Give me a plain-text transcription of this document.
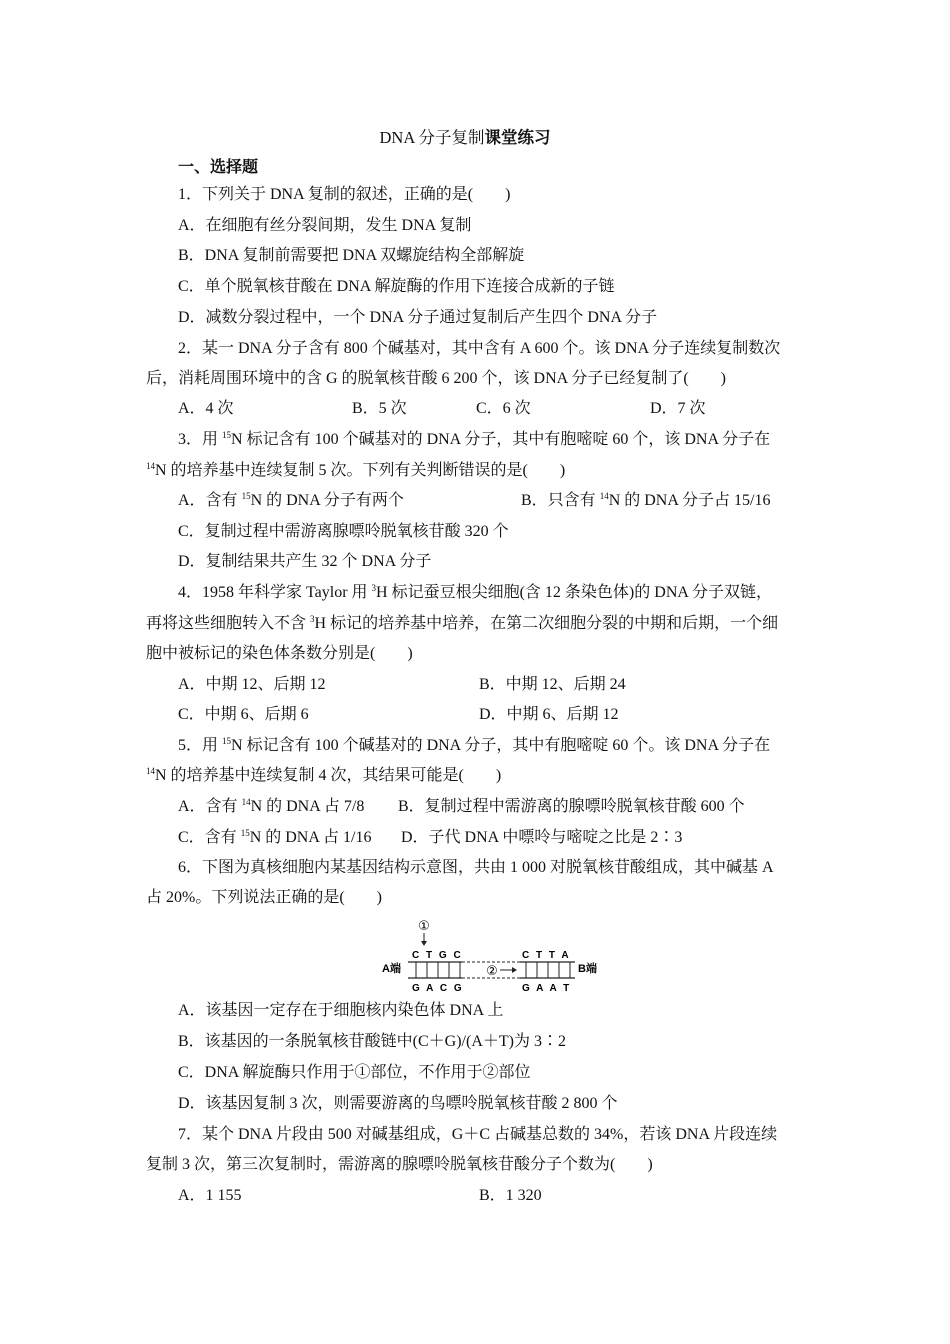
DNA 分子复制课堂练习
一、选择题
1．下列关于 DNA 复制的叙述，正确的是(　　)
A．在细胞有丝分裂间期，发生 DNA 复制
B．DNA 复制前需要把 DNA 双螺旋结构全部解旋
C．单个脱氧核苷酸在 DNA 解旋酶的作用下连接合成新的子链
D．减数分裂过程中，一个 DNA 分子通过复制后产生四个 DNA 分子
2．某一 DNA 分子含有 800 个碱基对，其中含有 A 600 个。该 DNA 分子连续复制数次
后，消耗周围环境中的含 G 的脱氧核苷酸 6 200 个，该 DNA 分子已经复制了(　　)
A．4 次	B．5 次	C．6 次	D．7 次
3．用 $^{15}$N 标记含有 100 个碱基对的 DNA 分子，其中有胞嘧啶 60 个，该 DNA 分子在
$^{14}$N 的培养基中连续复制 5 次。下列有关判断错误的是(　　)
A．含有 $^{15}$N 的 DNA 分子有两个	B．只含有 $^{14}$N 的 DNA 分子占 15/16
C．复制过程中需游离腺嘌呤脱氧核苷酸 320 个
D．复制结果共产生 32 个 DNA 分子
4．1958 年科学家 Taylor 用 $^3$H 标记蚕豆根尖细胞(含 12 条染色体)的 DNA 分子双链，
再将这些细胞转入不含 $^3$H 标记的培养基中培养，在第二次细胞分裂的中期和后期，一个细
胞中被标记的染色体条数分别是(　　)
A．中期 12、后期 12	B．中期 12、后期 24
C．中期 6、后期 6	D．中期 6、后期 12
5．用 $^{15}$N 标记含有 100 个碱基对的 DNA 分子，其中有胞嘧啶 60 个。该 DNA 分子在
$^{14}$N 的培养基中连续复制 4 次，其结果可能是(　　)
A．含有 $^{14}$N 的 DNA 占 7/8 B．复制过程中需游离的腺嘌呤脱氧核苷酸 600 个
C．含有 $^{15}$N 的 DNA 占 1/16 D．子代 DNA 中嘌呤与嘧啶之比是 2∶3
6．下图为真核细胞内某基因结构示意图，共由 1 000 对脱氧核苷酸组成，其中碱基 A
占 20%。下列说法正确的是(　　)
①
C T G C	C T T A
A端	B端
②
G A C G	G A A T
A．该基因一定存在于细胞核内染色体 DNA 上
B．该基因的一条脱氧核苷酸链中(C＋G)/(A＋T)为 3∶2
C．DNA 解旋酶只作用于①部位，不作用于②部位
D．该基因复制 3 次，则需要游离的鸟嘌呤脱氧核苷酸 2 800 个
7．某个 DNA 片段由 500 对碱基组成，G＋C 占碱基总数的 34%，若该 DNA 片段连续
复制 3 次，第三次复制时，需游离的腺嘌呤脱氧核苷酸分子个数为(　　)
A．1 155	B．1 320
